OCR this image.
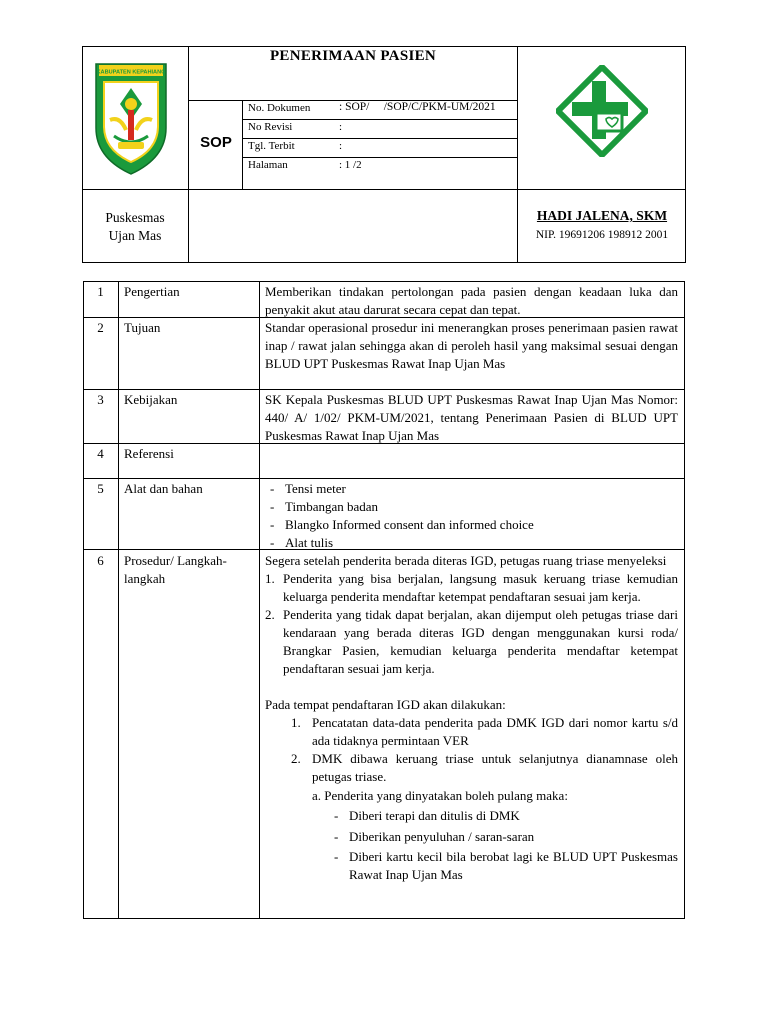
PENERIMAAN PASIEN
SOP
No. Dokumen : SOP/     /SOP/C/PKM-UM/2021
No Revisi	:
Tgl. Terbit	:
Halaman	: 1 /2
KABUPATEN KEPAHIANG
Puskesmas
Ujan Mas
HADI JALENA, SKM
NIP. 19691206 198912 2001
1	Pengertian	Memberikan tindakan pertolongan pada pasien dengan keadaan luka dan penyakit akut atau darurat secara cepat dan tepat.
2	Tujuan	Standar operasional prosedur ini menerangkan proses penerimaan pasien rawat inap / rawat jalan sehingga akan di peroleh hasil yang maksimal sesuai dengan BLUD UPT Puskesmas Rawat Inap Ujan Mas
3	Kebijakan	SK Kepala Puskesmas BLUD UPT Puskesmas Rawat Inap Ujan Mas Nomor: 440/ A/ 1/02/ PKM-UM/2021, tentang Penerimaan Pasien di BLUD UPT Puskesmas Rawat Inap Ujan Mas
4	Referensi
5	Alat dan bahan
-	Tensi meter
- Timbangan badan
- Blangko Informed consent dan informed choice
- Alat tulis
6	Prosedur/ Langkah-
langkah
Segera setelah penderita berada diteras IGD, petugas ruang triase menyeleksi
1. Penderita yang bisa berjalan, langsung masuk keruang triase kemudian keluarga penderita mendaftar ketempat pendaftaran sesuai jam kerja.
2. Penderita yang tidak dapat berjalan, akan dijemput oleh petugas triase dari kendaraan yang berada diteras IGD dengan menggunakan kursi roda/ Brangkar Pasien, kemudian keluarga penderita mendaftar ketempat pendaftaran sesuai jam kerja.
Pada tempat pendaftaran IGD akan dilakukan:
1. Pencatatan data-data penderita pada DMK IGD dari nomor kartu s/d ada tidaknya permintaan VER
2. DMK dibawa keruang triase untuk selanjutnya dianamnase oleh petugas triase.
a. Penderita yang dinyatakan boleh pulang maka:
- Diberi terapi dan ditulis di DMK
- Diberikan penyuluhan / saran-saran
- Diberi kartu kecil bila berobat lagi ke BLUD UPT Puskesmas Rawat Inap Ujan Mas
